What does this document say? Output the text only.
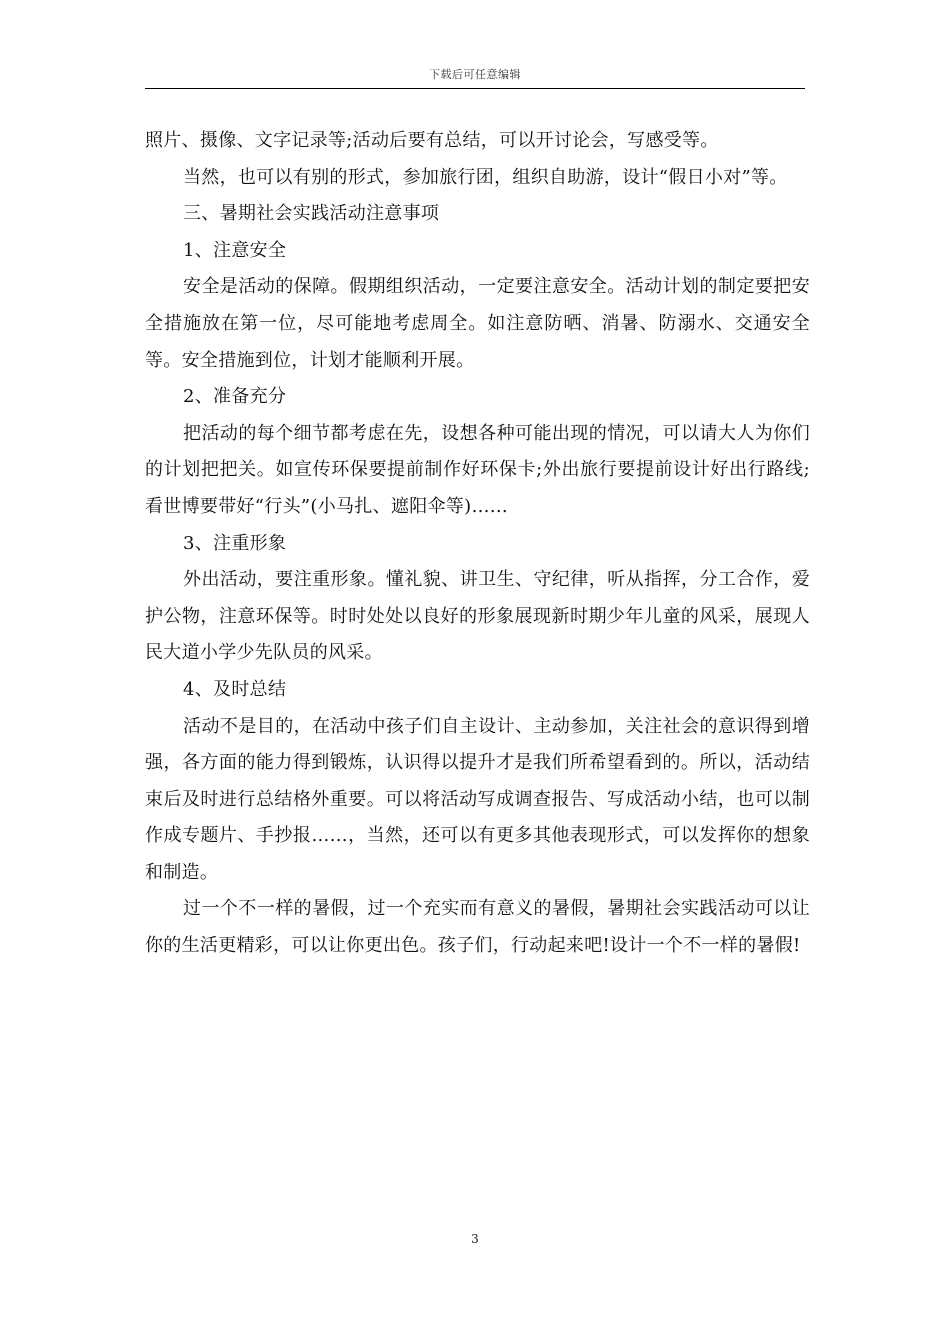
下载后可任意编辑

照片、摄像、文字记录等;活动后要有总结，可以开讨论会，写感受等。

当然，也可以有别的形式，参加旅行团，组织自助游，设计“假日小对”等。

三、暑期社会实践活动注意事项

1、注意安全

安全是活动的保障。假期组织活动，一定要注意安全。活动计划的制定要把安全措施放在第一位，尽可能地考虑周全。如注意防晒、消暑、防溺水、交通安全等。安全措施到位，计划才能顺利开展。

2、准备充分

把活动的每个细节都考虑在先，设想各种可能出现的情况，可以请大人为你们的计划把把关。如宣传环保要提前制作好环保卡;外出旅行要提前设计好出行路线;看世博要带好“行头”(小马扎、遮阳伞等)……

3、注重形象

外出活动，要注重形象。懂礼貌、讲卫生、守纪律，听从指挥，分工合作，爱护公物，注意环保等。时时处处以良好的形象展现新时期少年儿童的风采，展现人民大道小学少先队员的风采。

4、及时总结

活动不是目的，在活动中孩子们自主设计、主动参加，关注社会的意识得到增强，各方面的能力得到锻炼，认识得以提升才是我们所希望看到的。所以，活动结束后及时进行总结格外重要。可以将活动写成调查报告、写成活动小结，也可以制作成专题片、手抄报……，当然，还可以有更多其他表现形式，可以发挥你的想象和制造。

过一个不一样的暑假，过一个充实而有意义的暑假，暑期社会实践活动可以让你的生活更精彩，可以让你更出色。孩子们，行动起来吧!设计一个不一样的暑假!

3
